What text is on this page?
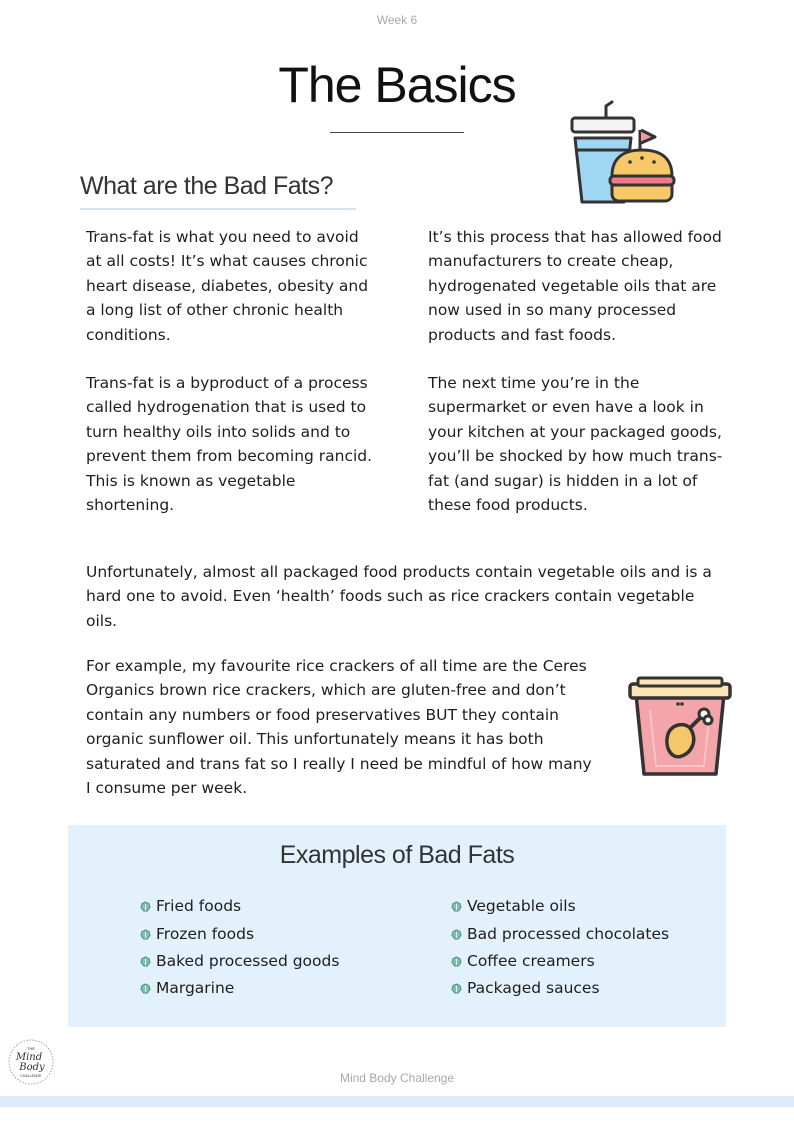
Week 6
The Basics
What are the Bad Fats?

Trans-fat is what you need to avoid at all costs! It’s what causes chronic heart disease, diabetes, obesity and a long list of other chronic health conditions.

Trans-fat is a byproduct of a process called hydrogenation that is used to turn healthy oils into solids and to prevent them from becoming rancid. This is known as vegetable shortening.

It’s this process that has allowed food manufacturers to create cheap, hydrogenated vegetable oils that are now used in so many processed products and fast foods.

The next time you’re in the supermarket or even have a look in your kitchen at your packaged goods, you’ll be shocked by how much trans-fat (and sugar) is hidden in a lot of these food products.

Unfortunately, almost all packaged food products contain vegetable oils and is a hard one to avoid. Even ‘health’ foods such as rice crackers contain vegetable oils.

For example, my favourite rice crackers of all time are the Ceres Organics brown rice crackers, which are gluten-free and don’t contain any numbers or food preservatives BUT they contain organic sunflower oil. This unfortunately means it has both saturated and trans fat so I really I need be mindful of how many I consume per week.

Examples of Bad Fats
Fried foods
Frozen foods
Baked processed goods
Margarine
Vegetable oils
Bad processed chocolates
Coffee creamers
Packaged sauces
THE
Mind
Body
CHALLENGE	Mind Body Challenge
